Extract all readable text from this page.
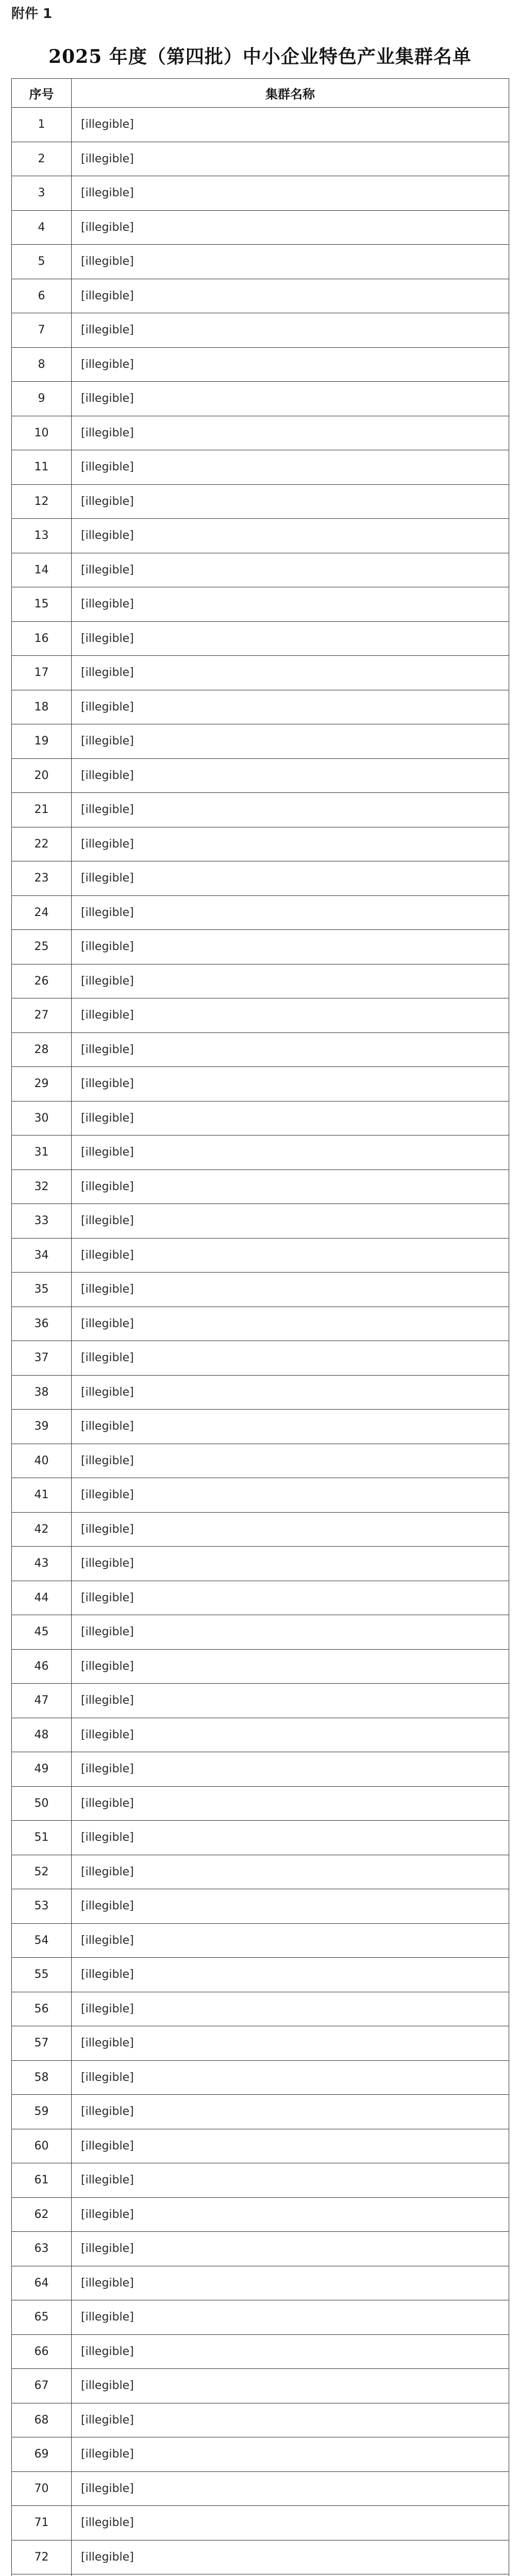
附件 1
2025 年度（第四批）中小企业特色产业集群名单
序号	集群名称
1	[illegible]
2	[illegible]
3	[illegible]
4	[illegible]
5	[illegible]
6	[illegible]
7	[illegible]
8	[illegible]
9	[illegible]
10	[illegible]
11	[illegible]
12	[illegible]
13	[illegible]
14	[illegible]
15	[illegible]
16	[illegible]
17	[illegible]
18	[illegible]
19	[illegible]
20	[illegible]
21	[illegible]
22	[illegible]
23	[illegible]
24	[illegible]
25	[illegible]
26	[illegible]
27	[illegible]
28	[illegible]
29	[illegible]
30	[illegible]
31	[illegible]
32	[illegible]
33	[illegible]
34	[illegible]
35	[illegible]
36	[illegible]
37	[illegible]
38	[illegible]
39	[illegible]
40	[illegible]
41	[illegible]
42	[illegible]
43	[illegible]
44	[illegible]
45	[illegible]
46	[illegible]
47	[illegible]
48	[illegible]
49	[illegible]
50	[illegible]
51	[illegible]
52	[illegible]
53	[illegible]
54	[illegible]
55	[illegible]
56	[illegible]
57	[illegible]
58	[illegible]
59	[illegible]
60	[illegible]
61	[illegible]
62	[illegible]
63	[illegible]
64	[illegible]
65	[illegible]
66	[illegible]
67	[illegible]
68	[illegible]
69	[illegible]
70	[illegible]
71	[illegible]
72	[illegible]
